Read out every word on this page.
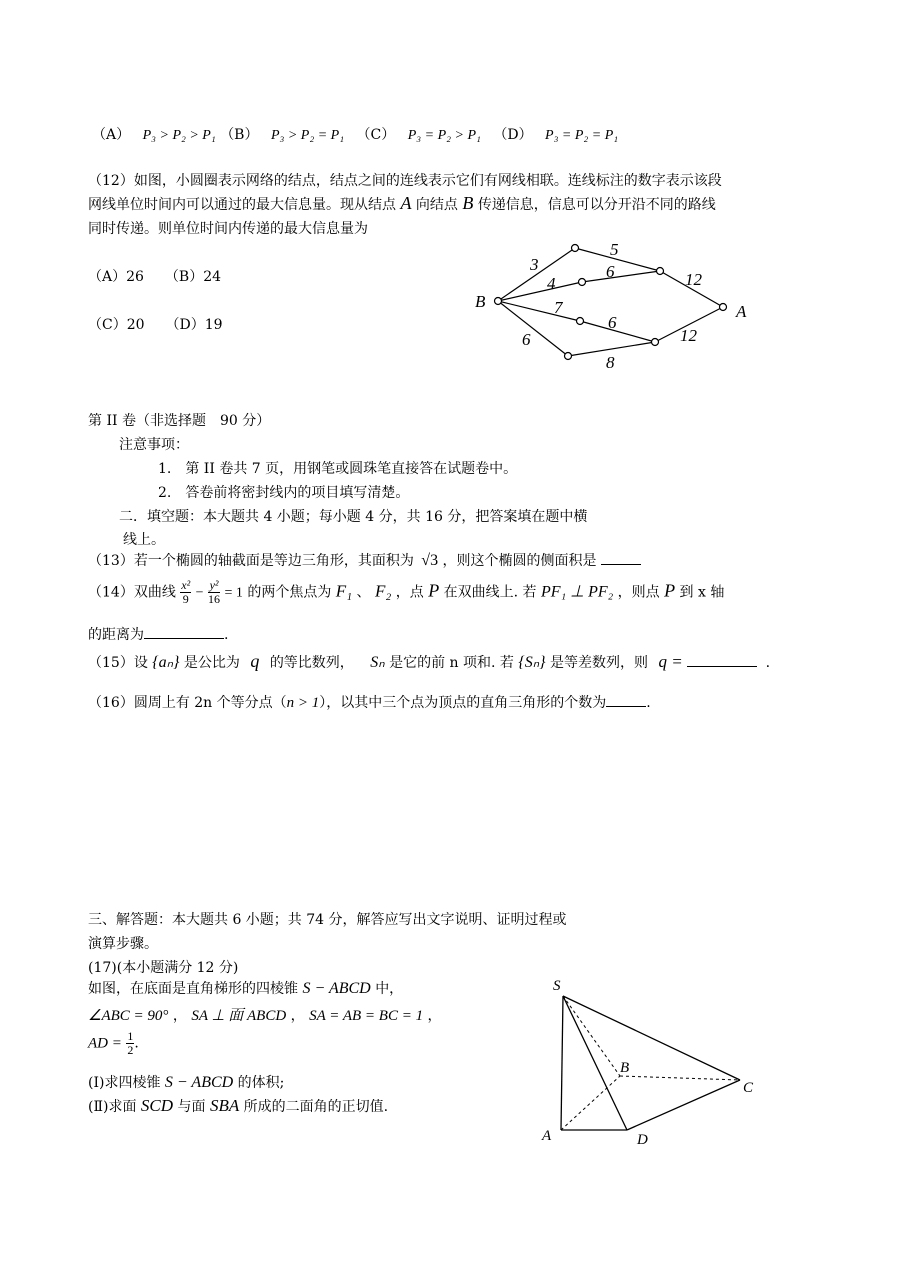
（A） P₃ > P₂ > P₁ （B） P₃ > P₂ = P₁ （C） P₃ = P₂ > P₁ （D） P₃ = P₂ = P₁
（12）如图，小圆圈表示网络的结点，结点之间的连线表示它们有网线相联。连线标注的数字表示该段
网线单位时间内可以通过的最大信息量。现从结点 A 向结点 B 传递信息，信息可以分开沿不同的路线
同时传递。则单位时间内传递的最大信息量为
（A）26　　（B）24
（C）20　　（D）19
B
A
3
5
4
6	12
7
6
12
6
8
第 II 卷（非选择题　90 分）
注意事项：
1.　第 II 卷共 7 页，用钢笔或圆珠笔直接答在试题卷中。
2.　答卷前将密封线内的项目填写清楚。
二．填空题：本大题共 4 小题；每小题 4 分，共 16 分，把答案填在题中横
线上。
（13）若一个椭圆的轴截面是等边三角形，其面积为 √3 ，则这个椭圆的侧面积是
（14）双曲线 $\frac{\text{x²}}{9} - \frac{\text{y²}}{16} = 1$ 的两个焦点为 F₁ 、 F₂ ，点 P 在双曲线上. 若 PF₁ ⊥ PF₂ ，则点 P 到 x 轴
的距离为	.
（15）设 {aₙ} 是公比为 q 的等比数列， Sₙ 是它的前 n 项和. 若 {Sₙ} 是等差数列，则 q =	.
（16）圆周上有 2n 个等分点（n > 1），以其中三个点为顶点的直角三角形的个数为	.
三、解答题：本大题共 6 小题；共 74 分，解答应写出文字说明、证明过程或
演算步骤。
(17)(本小题满分 12 分)
如图，在底面是直角梯形的四棱锥 S − ABCD 中，
∠ABC = 90° ， SA ⊥ 面 ABCD ， SA = AB = BC = 1 ，
AD = $\frac{1}{2}$ .
(Ⅰ)求四棱锥 S − ABCD 的体积;
(Ⅱ)求面 SCD 与面 SBA 所成的二面角的正切值.
S
B
C
A	D
